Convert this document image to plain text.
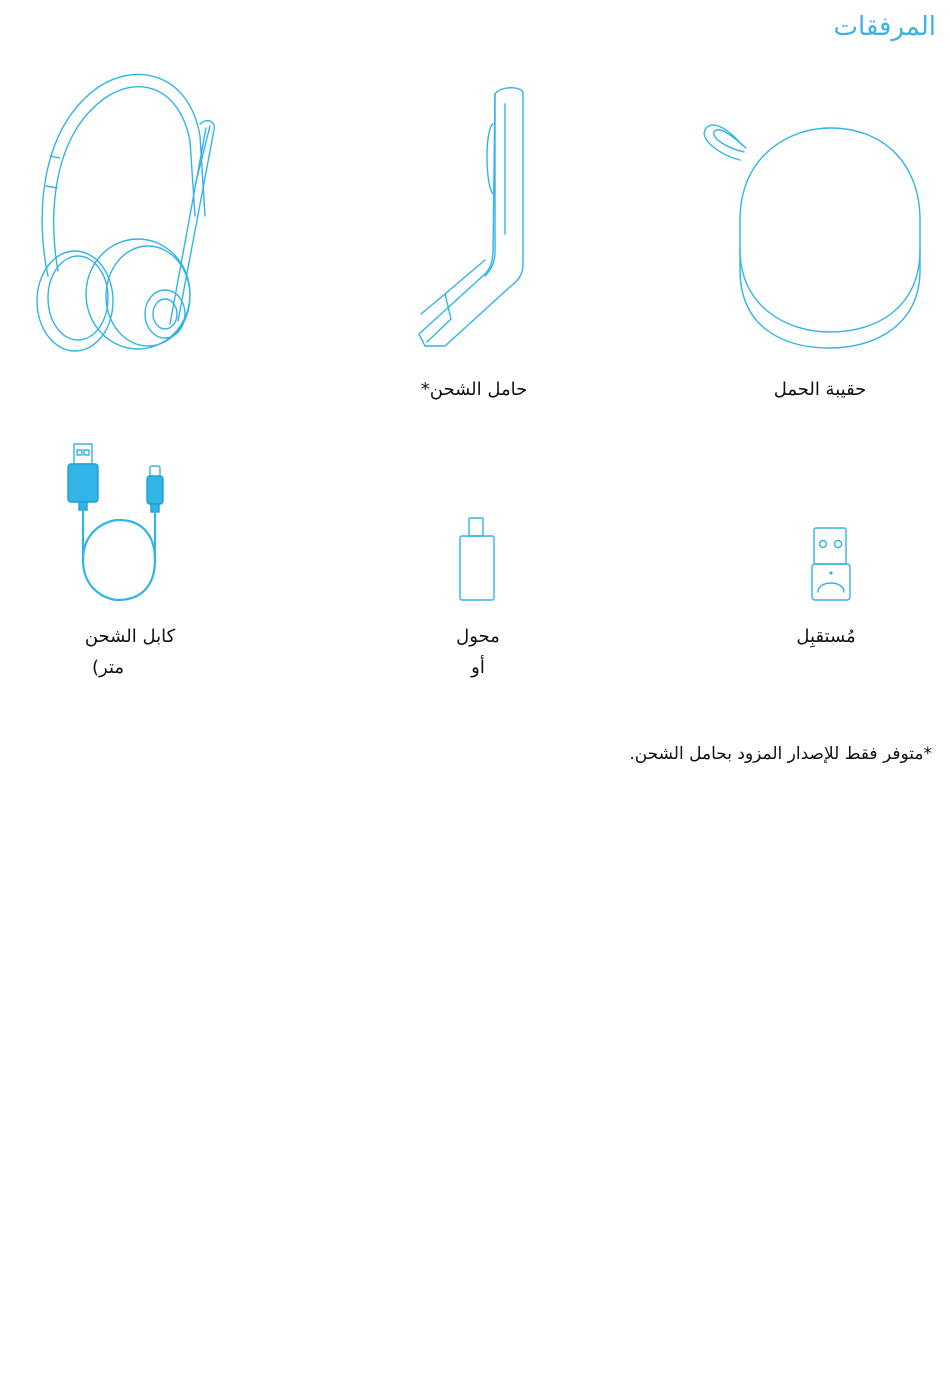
المرفقات
حقيبة الحمل
حامل الشحن*
كابل الشحن
متر)
محول
أو
مُستقبِل
*متوفر فقط للإصدار المزود بحامل الشحن.
